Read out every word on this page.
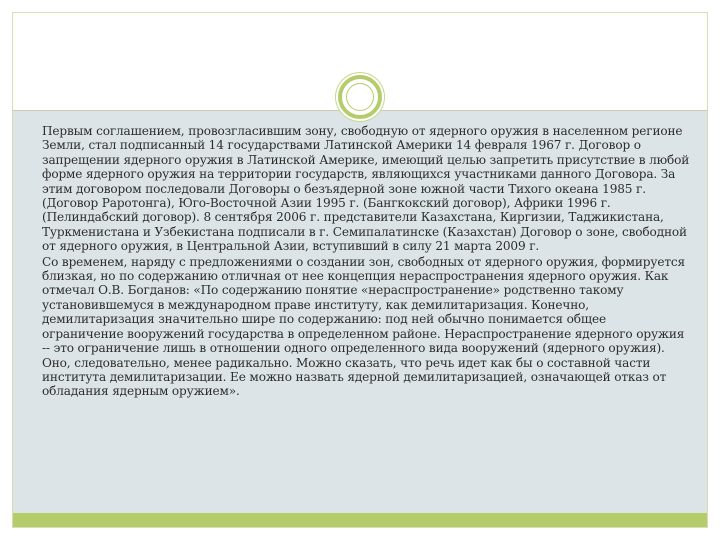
Первым соглашением, провозгласившим зону, свободную от ядерного оружия в населенном регионе Земли, стал подписанный 14 государствами Латинской Америки 14 февраля 1967 г. Договор о запрещении ядерного оружия в Латинской Америке, имеющий целью запретить присутствие в любой форме ядерного оружия на территории государств, являющихся участниками данного Договора. За этим договором последовали Договоры о безъядерной зоне южной части Тихого океана 1985 г. (Договор Раротонга), Юго-Восточной Азии 1995 г. (Бангкокский договор), Африки 1996 г. (Пелиндабский договор). 8 сентября 2006 г. представители Казахстана, Киргизии, Таджикистана, Туркменистана и Узбекистана подписали в г. Семипалатинске (Казахстан) Договор о зоне, свободной от ядерного оружия, в Центральной Азии, вступивший в силу 21 марта 2009 г.

Со временем, наряду с предложениями о создании зон, свободных от ядерного оружия, формируется близкая, но по содержанию отличная от нее концепция нераспространения ядерного оружия. Как отмечал О.В. Богданов: «По содержанию понятие «нераспространение» родственно такому установившемуся в международном праве институту, как демилитаризация. Конечно, демилитаризация значительно шире по содержанию: под ней обычно понимается общее ограничение вооружений государства в определенном районе. Нераспространение ядерного оружия -- это ограничение лишь в отношении одного определенного вида вооружений (ядерного оружия). Оно, следовательно, менее радикально. Можно сказать, что речь идет как бы о составной части института демилитаризации. Ее можно назвать ядерной демилитаризацией, означающей отказ от обладания ядерным оружием».
